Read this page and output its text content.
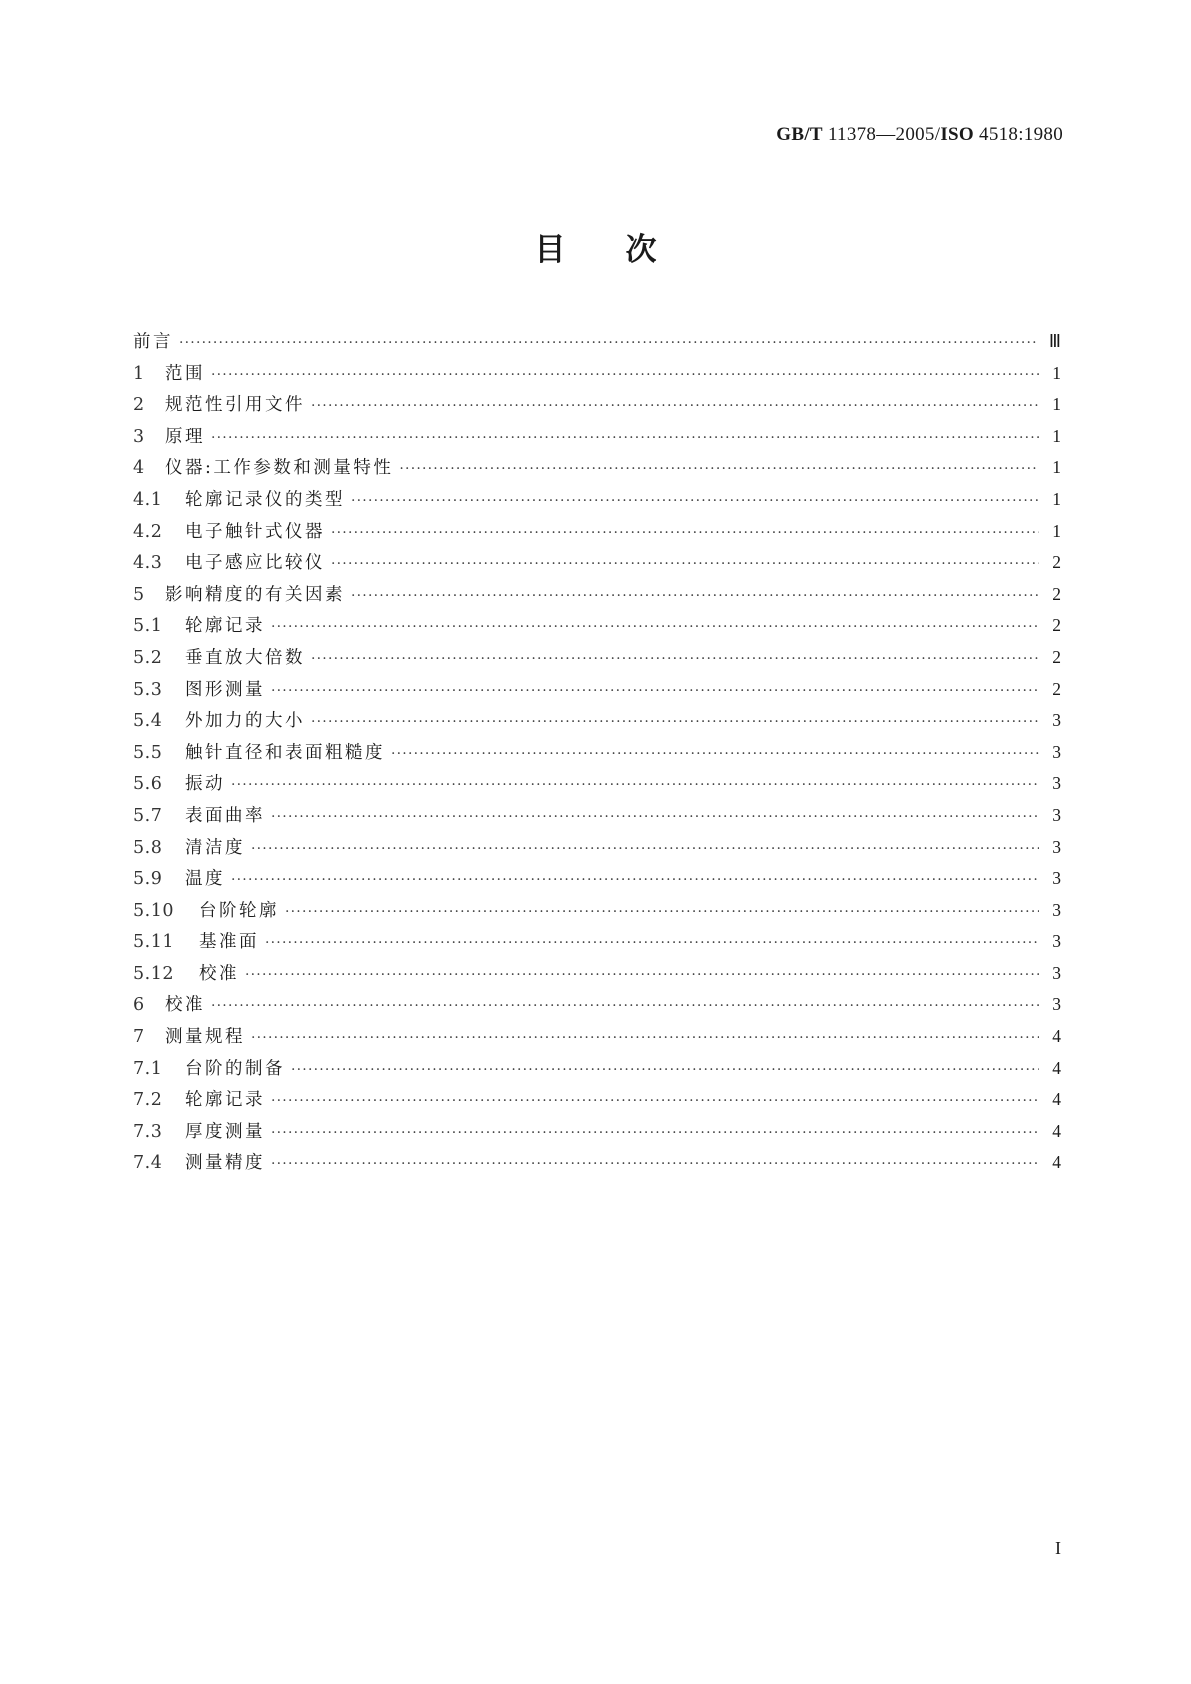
GB/T 11378—2005/ISO 4518:1980
目次
前言 ·····	Ⅲ
1	范围 ·····	1
2	规范性引用文件 ·····	1
3	原理 ·····	1
4	仪器:工作参数和测量特性 ·····	1
4.1	轮廓记录仪的类型 ·····	1
4.2	电子触针式仪器 ·····	1
4.3	电子感应比较仪 ·····	2
5	影响精度的有关因素 ·····	2
5.1	轮廓记录 ·····	2
5.2	垂直放大倍数 ·····	2
5.3	图形测量 ·····	2
5.4	外加力的大小 ·····	3
5.5	触针直径和表面粗糙度 ·····	3
5.6	振动 ·····	3
5.7	表面曲率 ·····	3
5.8	清洁度 ·····	3
5.9	温度 ·····	3
5.10	台阶轮廓 ·····	3
5.11	基准面 ·····	3
5.12	校准 ·····	3
6	校准 ·····	3
7	测量规程 ·····	4
7.1	台阶的制备 ·····	4
7.2	轮廓记录 ·····	4
7.3	厚度测量 ·····	4
7.4	测量精度 ·····	4
I
